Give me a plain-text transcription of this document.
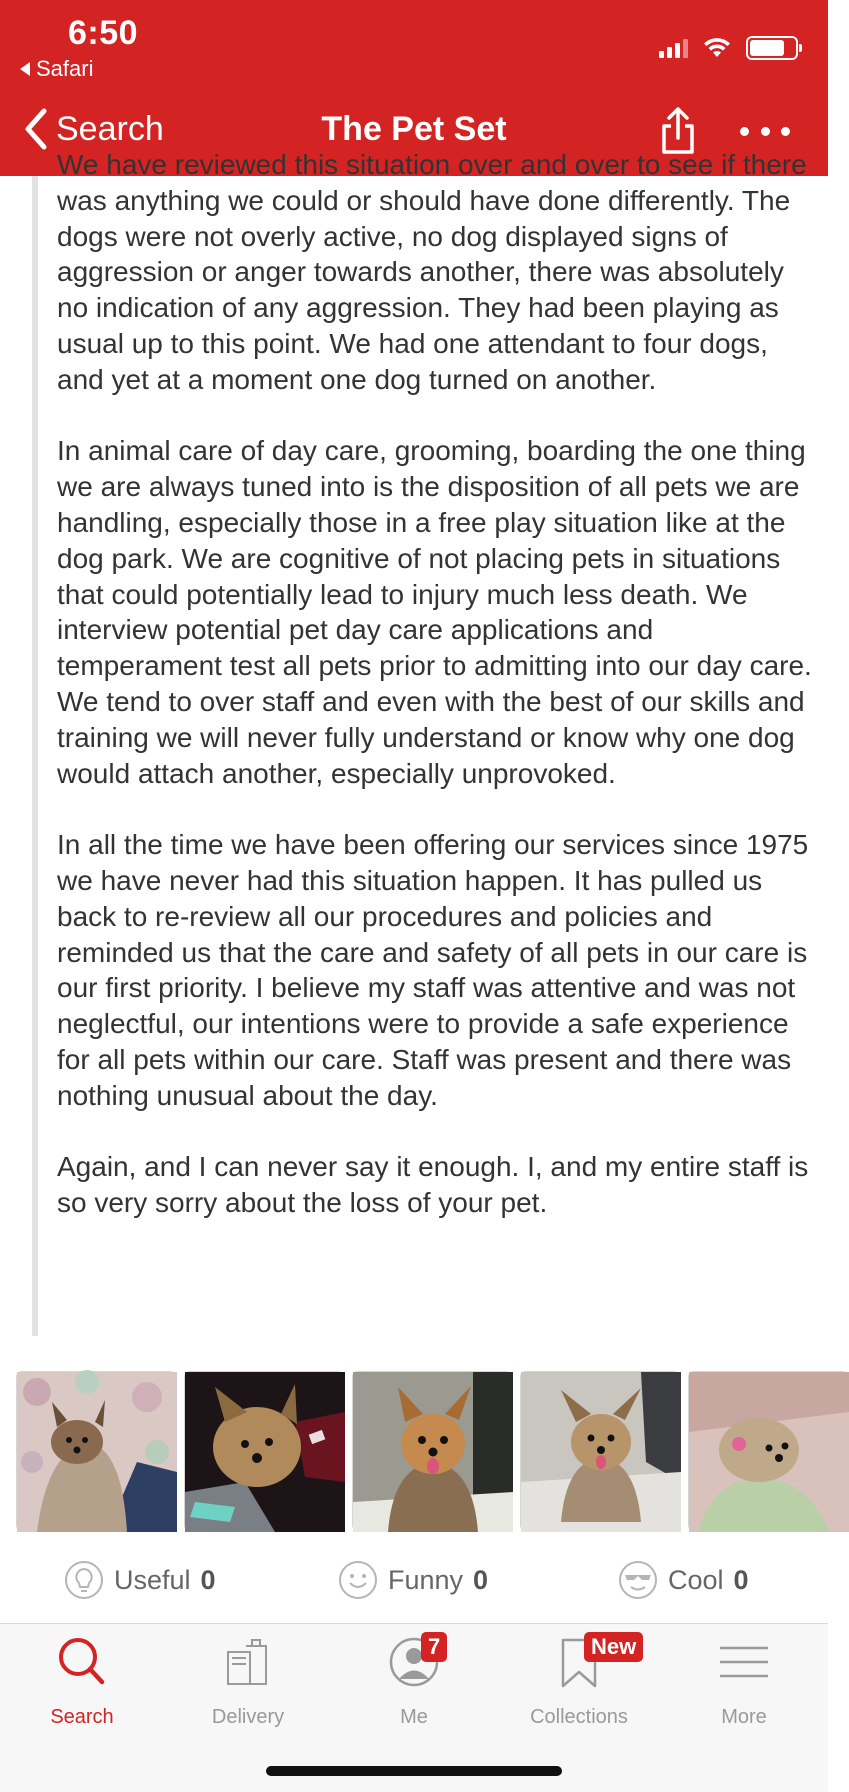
6:50
Safari
Search	The Pet Set

We have reviewed this situation over and over to see if there was anything we could or should have done differently. The dogs were not overly active, no dog displayed signs of aggression or anger towards another, there was absolutely no indication of any aggression. They had been playing as usual up to this point. We had one attendant to four dogs, and yet at a moment one dog turned on another.

In animal care of day care, grooming, boarding the one thing we are always tuned into is the disposition of all pets we are handling, especially those in a free play situation like at the dog park. We are cognitive of not placing pets in situations that could potentially lead to injury much less death. We interview potential pet day care applications and temperament test all pets prior to admitting into our day care. We tend to over staff and even with the best of our skills and training we will never fully understand or know why one dog would attach another, especially unprovoked.

In all the time we have been offering our services since 1975 we have never had this situation happen. It has pulled us back to re-review all our procedures and policies and reminded us that the care and safety of all pets in our care is our first priority. I believe my staff was attentive and was not neglectful, our intentions were to provide a safe experience for all pets within our care. Staff was present and there was nothing unusual about the day.

Again, and I can never say it enough. I, and my entire staff is so very sorry about the loss of your pet.

Useful 0	Funny 0	Cool 0
Search	Delivery
7
Me
New
Collections	More
